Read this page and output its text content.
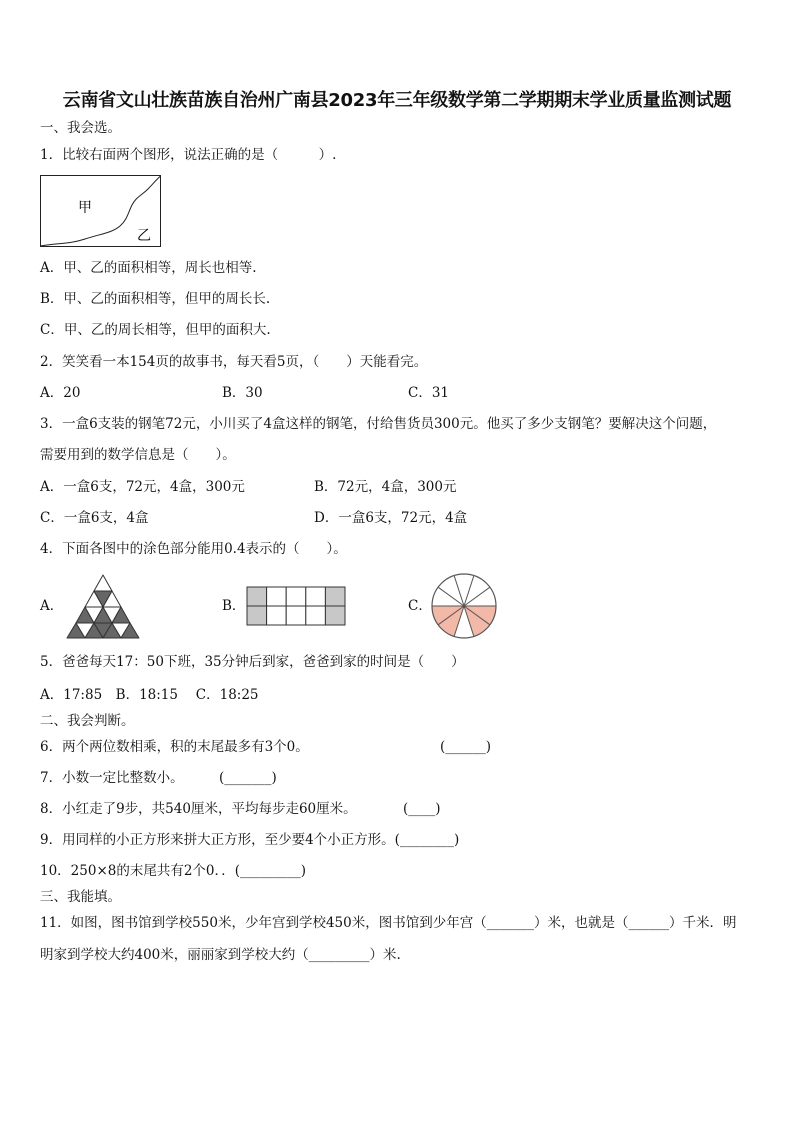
云南省文山壮族苗族自治州广南县2023年三年级数学第二学期期末学业质量监测试题
一、我会选。
1．比较右面两个图形，说法正确的是（　　　）.
甲
乙
A．甲、乙的面积相等，周长也相等.
B．甲、乙的面积相等，但甲的周长长.
C．甲、乙的周长相等，但甲的面积大.
2．笑笑看一本154页的故事书，每天看5页，（　　）天能看完。
A．20	B．30	C．31
3．一盒6支装的钢笔72元，小川买了4盒这样的钢笔，付给售货员300元。他买了多少支钢笔？要解决这个问题，
需要用到的数学信息是（　　）。
A．一盒6支，72元，4盒，300元	B．72元，4盒，300元
C．一盒6支，4盒	D．一盒6支，72元，4盒
4．下面各图中的涂色部分能用0.4表示的（　　）。
A．	B．	C．
5．爸爸每天17：50下班，35分钟后到家，爸爸到家的时间是（　　）
A．17:85　B．18:15　 C．18:25
二、我会判断。
6．两个两位数相乘，积的末尾最多有3个0。	(______)
7．小数一定比整数小。	(_______)
8．小红走了9步，共540厘米，平均每步走60厘米。	(____)
9．用同样的小正方形来拼大正方形，至少要4个小正方形。(________)
10．250×8的末尾共有2个0．．(_________)
三、我能填。
11．如图，图书馆到学校550米，少年宫到学校450米，图书馆到少年宫（_______）米，也就是（______）千米．明
明家到学校大约400米，丽丽家到学校大约（_________）米.
